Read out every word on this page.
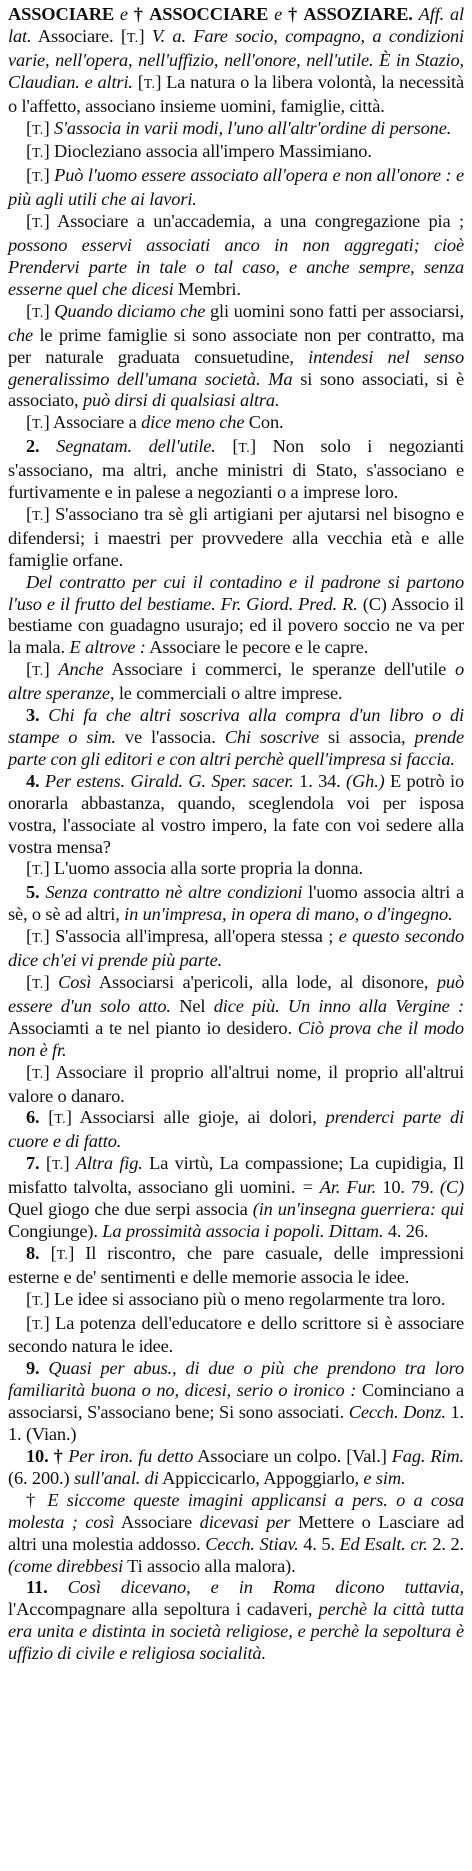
ASSOCIARE e † ASSOCCIARE e † ASSOZIARE. Aff. al lat. Associare. [T.] V. a. Fare socio, compagno, a condizioni varie, nell'opera, nell'uffizio, nell'onore, nell'utile. È in Stazio, Claudian. e altri. [T.] La natura o la libera volontà, la necessità o l'affetto, associano insieme uomini, famiglie, città.

[T.] S'associa in varii modi, l'uno all'altr'ordine di persone.

[T.] Diocleziano associa all'impero Massimiano.

[T.] Può l'uomo essere associato all'opera e non all'onore : e più agli utili che ai lavori.

[T.] Associare a un'accademia, a una congregazione pia ; possono esservi associati anco in non aggregati; cioè Prendervi parte in tale o tal caso, e anche sempre, senza esserne quel che dicesi Membri.

[T.] Quando diciamo che gli uomini sono fatti per associarsi, che le prime famiglie si sono associate non per contratto, ma per naturale graduata consuetudine, intendesi nel senso generalissimo dell'umana società. Ma si sono associati, si è associato, può dirsi di qualsiasi altra.

[T.] Associare a dice meno che Con.

2. Segnatam. dell'utile. [T.] Non solo i negozianti s'associano, ma altri, anche ministri di Stato, s'associano e furtivamente e in palese a negozianti o a imprese loro.

[T.] S'associano tra sè gli artigiani per ajutarsi nel bisogno e difendersi; i maestri per provvedere alla vecchia età e alle famiglie orfane.

Del contratto per cui il contadino e il padrone si partono l'uso e il frutto del bestiame. Fr. Giord. Pred. R. (C) Associo il bestiame con guadagno usurajo; ed il povero soccio ne va per la mala. E altrove : Associare le pecore e le capre.

[T.] Anche Associare i commerci, le speranze dell'utile o altre speranze, le commerciali o altre imprese.

3. Chi fa che altri soscriva alla compra d'un libro o di stampe o sim. ve l'associa. Chi soscrive si associa, prende parte con gli editori e con altri perchè quell'impresa si faccia.

4. Per estens. Girald. G. Sper. sacer. 1. 34. (Gh.) E potrò io onorarla abbastanza, quando, sceglendola voi per isposa vostra, l'associate al vostro impero, la fate con voi sedere alla vostra mensa?

[T.] L'uomo associa alla sorte propria la donna.

5. Senza contratto nè altre condizioni l'uomo associa altri a sè, o sè ad altri, in un'impresa, in opera di mano, o d'ingegno.

[T.] S'associa all'impresa, all'opera stessa ; e questo secondo dice ch'ei vi prende più parte.

[T.] Così Associarsi a'pericoli, alla lode, al disonore, può essere d'un solo atto. Nel dice più. Un inno alla Vergine : Associamti a te nel pianto io desidero. Ciò prova che il modo non è fr.

[T.] Associare il proprio all'altrui nome, il proprio all'altrui valore o danaro.

6. [T.] Associarsi alle gioje, ai dolori, prenderci parte di cuore e di fatto.

7. [T.] Altra fig. La virtù, La compassione; La cupidigia, Il misfatto talvolta, associano gli uomini. = Ar. Fur. 10. 79. (C) Quel giogo che due serpi associa (in un'insegna guerriera: qui Congiunge). La prossimità associa i popoli. Dittam. 4. 26.

8. [T.] Il riscontro, che pare casuale, delle impressioni esterne e de' sentimenti e delle memorie associa le idee.

[T.] Le idee si associano più o meno regolarmente tra loro.

[T.] La potenza dell'educatore e dello scrittore si è associare secondo natura le idee.

9. Quasi per abus., di due o più che prendono tra loro familiarità buona o no, dicesi, serio o ironico : Cominciano a associarsi, S'associano bene; Si sono associati. Cecch. Donz. 1. 1. (Vian.)

10. † Per iron. fu detto Associare un colpo. [Val.] Fag. Rim. (6. 200.) sull'anal. di Appiccicarlo, Appoggiarlo, e sim.

† E siccome queste imagini applicansi a pers. o a cosa molesta ; così Associare dicevasi per Mettere o Lasciare ad altri una molestia addosso. Cecch. Stiav. 4. 5. Ed Esalt. cr. 2. 2. (come direbbesi Ti associo alla malora).

11. Così dicevano, e in Roma dicono tuttavia, l'Accompagnare alla sepoltura i cadaveri, perchè la città tutta era unita e distinta in società religiose, e perchè la sepoltura è uffizio di civile e religiosa socialità.
